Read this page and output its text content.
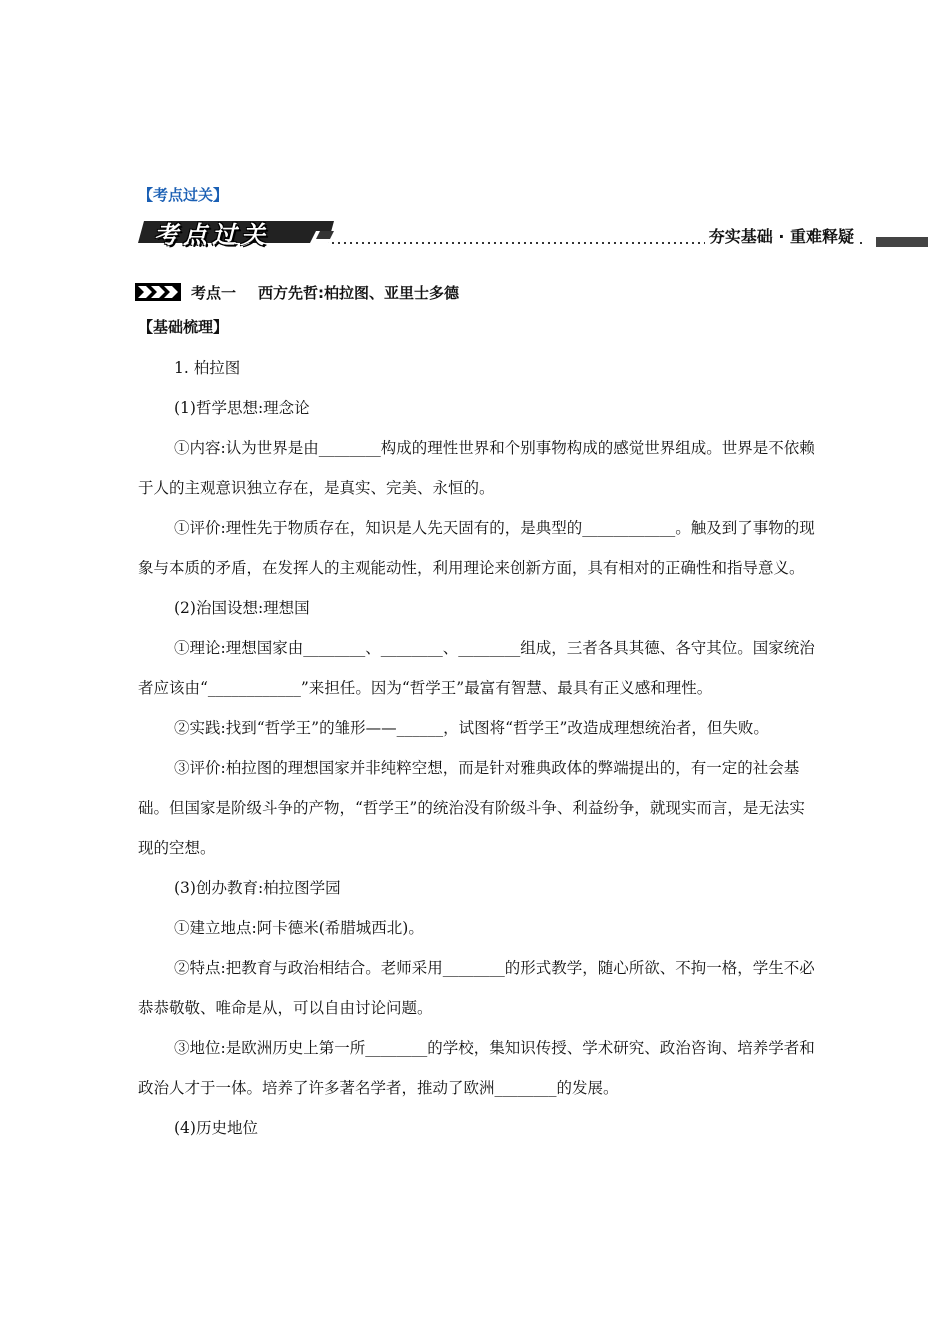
【考点过关】
考点过关	夯实基础 · 重难释疑
考点一 西方先哲:柏拉图、亚里士多德
【基础梳理】

1. 柏拉图

(1)哲学思想:理念论

①内容:认为世界是由________构成的理性世界和个别事物构成的感觉世界组成。世界是不依赖于人的主观意识独立存在，是真实、完美、永恒的。

①评价:理性先于物质存在，知识是人先天固有的，是典型的____________。触及到了事物的现象与本质的矛盾，在发挥人的主观能动性，利用理论来创新方面，具有相对的正确性和指导意义。

(2)治国设想:理想国

①理论:理想国家由________、________、________组成，三者各具其德、各守其位。国家统治者应该由“____________”来担任。因为“哲学王”最富有智慧、最具有正义感和理性。

②实践:找到“哲学王”的雏形——______，试图将“哲学王”改造成理想统治者，但失败。

③评价:柏拉图的理想国家并非纯粹空想，而是针对雅典政体的弊端提出的，有一定的社会基础。但国家是阶级斗争的产物，“哲学王”的统治没有阶级斗争、利益纷争，就现实而言，是无法实现的空想。

(3)创办教育:柏拉图学园

①建立地点:阿卡德米(希腊城西北)。

②特点:把教育与政治相结合。老师采用________的形式教学，随心所欲、不拘一格，学生不必恭恭敬敬、唯命是从，可以自由讨论问题。

③地位:是欧洲历史上第一所________的学校，集知识传授、学术研究、政治咨询、培养学者和政治人才于一体。培养了许多著名学者，推动了欧洲________的发展。

(4)历史地位
